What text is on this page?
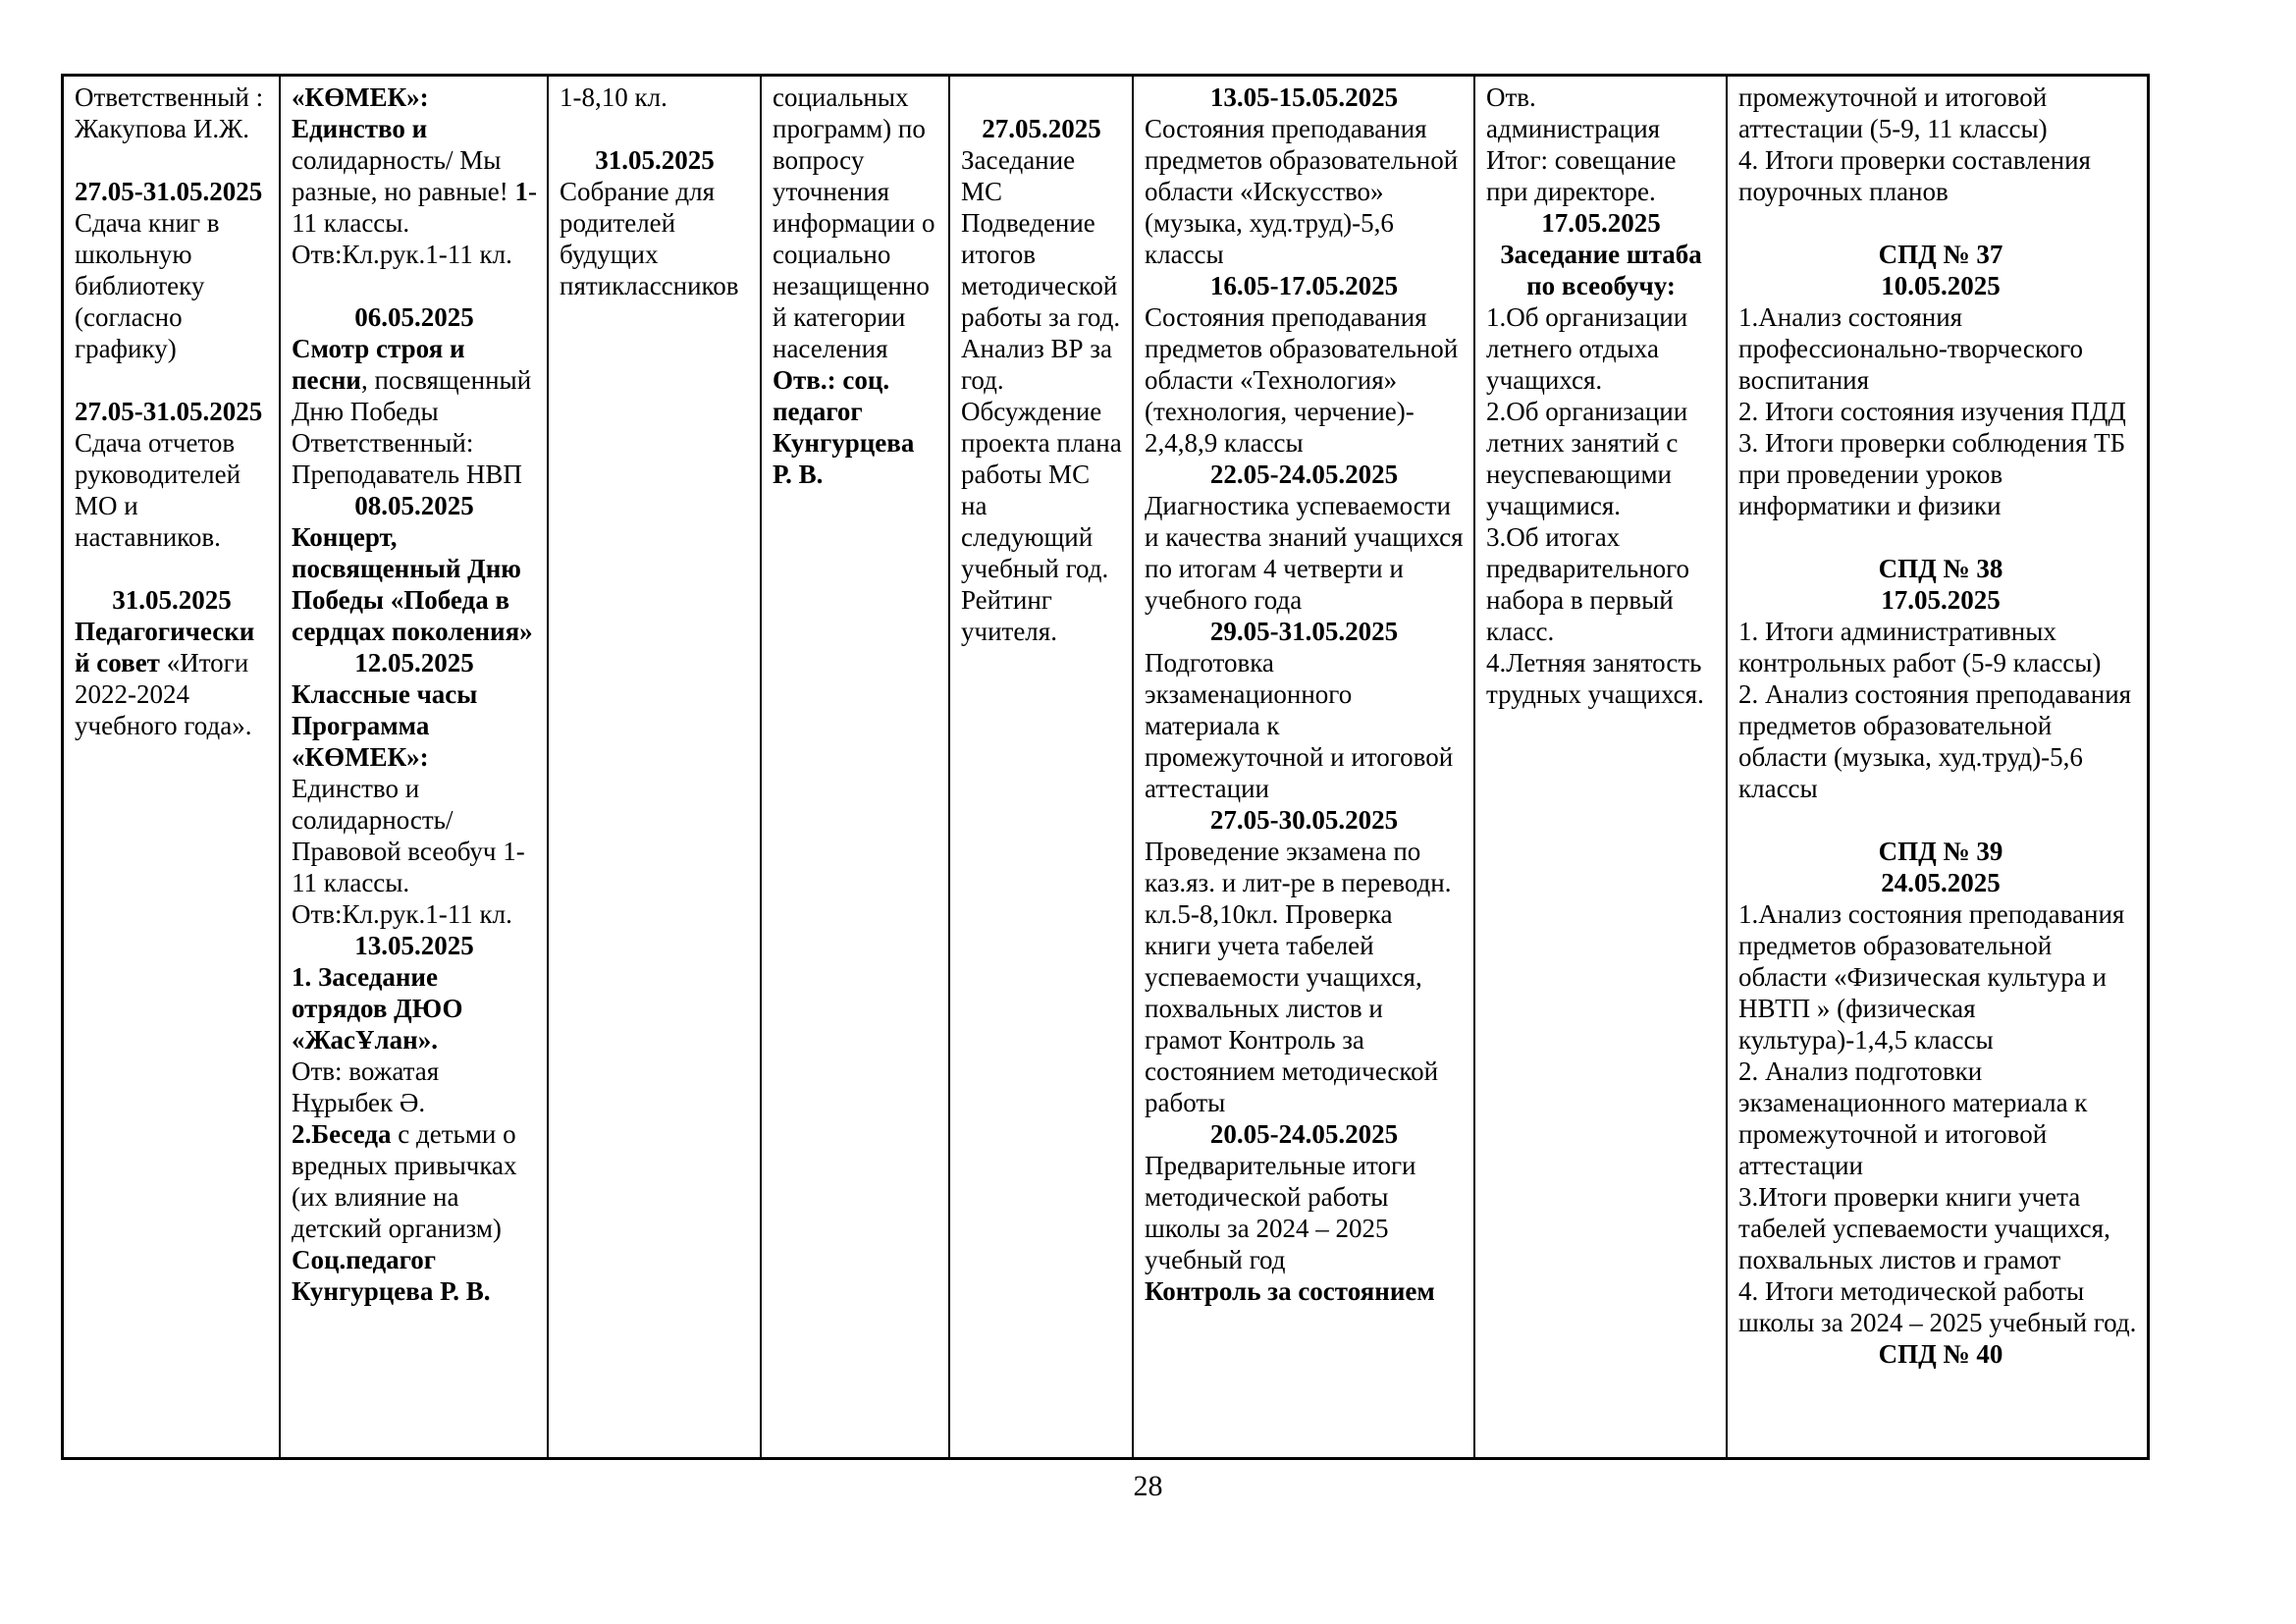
Ответственный : Жакупова И.Ж.

27.05-31.05.2025

Сдача книг в школьную библиотеку (согласно графику)

27.05-31.05.2025

Сдача отчетов руководителей МО и наставников.

31.05.2025

Педагогический совет «Итоги 2022-2024 учебного года».

«КӨМЕК»: Единство и солидарность/ Мы разные, но равные! 1-11 классы. Отв:Кл.рук.1-11 кл.

06.05.2025

Смотр строя и песни, посвященный Дню Победы Ответственный: Преподаватель НВП

08.05.2025

Концерт, посвященный Дню Победы «Победа в сердцах поколения»

12.05.2025

Классные часы Программа «КӨМЕК»:

Единство и солидарность/ Правовой всеобуч 1-11 классы. Отв:Кл.рук.1-11 кл.

13.05.2025

1. Заседание отрядов ДЮО «ЖасҰлан».

Отв: вожатая Нұрыбек Ә.

2.Беседа с детьми о вредных привычках (их влияние на детский организм)

Соц.педагог Кунгурцева Р. В.

1-8,10 кл.

31.05.2025

Собрание для родителей будущих пятиклассников

социальных программ) по вопросу уточнения информации о социально незащищенной категории населения

Отв.: соц. педагог Кунгурцева Р. В.

27.05.2025

Заседание МС Подведение итогов методической работы за год. Анализ ВР за год. Обсуждение проекта плана работы МС на следующий учебный год. Рейтинг учителя.

13.05-15.05.2025

Состояния преподавания предметов образовательной области «Искусство» (музыка, худ.труд)-5,6 классы

16.05-17.05.2025

Состояния преподавания предметов образовательной области «Технология» (технология, черчение)- 2,4,8,9 классы

22.05-24.05.2025

Диагностика успеваемости и качества знаний учащихся по итогам 4 четверти и учебного года

29.05-31.05.2025

Подготовка экзаменационного материала к промежуточной и итоговой аттестации

27.05-30.05.2025

Проведение экзамена по каз.яз. и лит-ре в переводн. кл.5-8,10кл. Проверка книги учета табелей успеваемости учащихся, похвальных листов и грамот Контроль за состоянием методической работы

20.05-24.05.2025

Предварительные итоги методической работы школы за 2024 – 2025 учебный год

Контроль за состоянием

Отв. администрация Итог: совещание при директоре.

17.05.2025

Заседание штаба по всеобучу:

1.Об организации летнего отдыха учащихся.

2.Об организации летних занятий с неуспевающими учащимися.

3.Об итогах предварительного набора в первый класс.

4.Летняя занятость трудных учащихся.

промежуточной и итоговой аттестации (5-9, 11 классы)

4. Итоги проверки составления поурочных планов

СПД № 37

10.05.2025

1.Анализ состояния профессионально-творческого воспитания

2. Итоги состояния изучения ПДД

3. Итоги проверки соблюдения ТБ при проведении уроков информатики и физики

СПД № 38

17.05.2025

1. Итоги административных контрольных работ (5-9 классы)

2. Анализ состояния преподавания предметов образовательной области (музыка, худ.труд)-5,6 классы

СПД № 39

24.05.2025

1.Анализ состояния преподавания предметов образовательной области «Физическая культура и НВТП » (физическая культура)-1,4,5 классы

2. Анализ подготовки экзаменационного материала к промежуточной и итоговой аттестации

3.Итоги проверки книги учета табелей успеваемости учащихся, похвальных листов и грамот

4. Итоги методической работы школы за 2024 – 2025 учебный год.

СПД № 40

28
